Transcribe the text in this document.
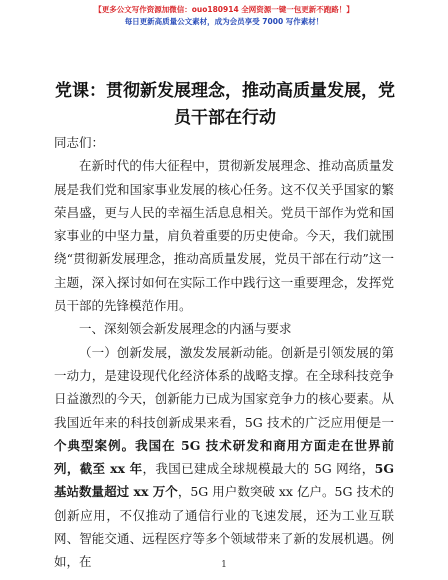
【更多公文写作资源加微信：ouo180914 全网资源一键一包更新不跑路！】
每日更新高质量公文素材，成为会员享受 7000 写作素材！
党课：贯彻新发展理念，推动高质量发展，党员干部在行动

同志们：

在新时代的伟大征程中，贯彻新发展理念、推动高质量发展是我们党和国家事业发展的核心任务。这不仅关乎国家的繁荣昌盛，更与人民的幸福生活息息相关。党员干部作为党和国家事业的中坚力量，肩负着重要的历史使命。今天，我们就围绕“贯彻新发展理念，推动高质量发展，党员干部在行动”这一主题，深入探讨如何在实际工作中践行这一重要理念，发挥党员干部的先锋模范作用。

一、深刻领会新发展理念的内涵与要求

（一）创新发展，激发发展新动能。创新是引领发展的第一动力，是建设现代化经济体系的战略支撑。在全球科技竞争日益激烈的今天，创新能力已成为国家竞争力的核心要素。从我国近年来的科技创新成果来看，5G 技术的广泛应用便是一个典型案例。我国在 5G 技术研发和商用方面走在世界前列，截至 xx 年，我国已建成全球规模最大的 5G 网络，5G 基站数量超过 xx 万个，5G 用户数突破 xx 亿户。5G 技术的创新应用，不仅推动了通信行业的飞速发展，还为工业互联网、智能交通、远程医疗等多个领域带来了新的发展机遇。例如，在	1
